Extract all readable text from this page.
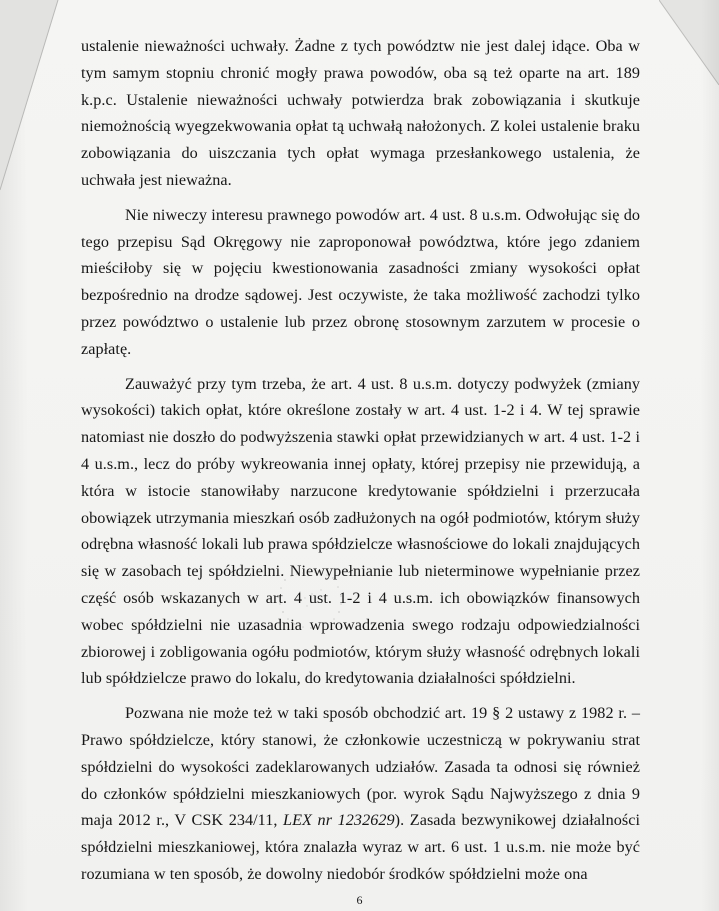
ustalenie nieważności uchwały. Żadne z tych powództw nie jest dalej idące. Oba w tym samym stopniu chronić mogły prawa powodów, oba są też oparte na art. 189 k.p.c. Ustalenie nieważności uchwały potwierdza brak zobowiązania i skutkuje niemożnością wyegzekwowania opłat tą uchwałą nałożonych. Z kolei ustalenie braku zobowiązania do uiszczania tych opłat wymaga przesłankowego ustalenia, że uchwała jest nieważna.

Nie niweczy interesu prawnego powodów art. 4 ust. 8 u.s.m. Odwołując się do tego przepisu Sąd Okręgowy nie zaproponował powództwa, które jego zdaniem mieściłoby się w pojęciu kwestionowania zasadności zmiany wysokości opłat bezpośrednio na drodze sądowej. Jest oczywiste, że taka możliwość zachodzi tylko przez powództwo o ustalenie lub przez obronę stosownym zarzutem w procesie o zapłatę.

Zauważyć przy tym trzeba, że art. 4 ust. 8 u.s.m. dotyczy podwyżek (zmiany wysokości) takich opłat, które określone zostały w art. 4 ust. 1-2 i 4. W tej sprawie natomiast nie doszło do podwyższenia stawki opłat przewidzianych w art. 4 ust. 1-2 i 4 u.s.m., lecz do próby wykreowania innej opłaty, której przepisy nie przewidują, a która w istocie stanowiłaby narzucone kredytowanie spółdzielni i przerzucała obowiązek utrzymania mieszkań osób zadłużonych na ogół podmiotów, którym służy odrębna własność lokali lub prawa spółdzielcze własnościowe do lokali znajdujących się w zasobach tej spółdzielni. Niewypełnianie lub nieterminowe wypełnianie przez część osób wskazanych w art. 4 ust. 1-2 i 4 u.s.m. ich obowiązków finansowych wobec spółdzielni nie uzasadnia wprowadzenia swego rodzaju odpowiedzialności zbiorowej i zobligowania ogółu podmiotów, którym służy własność odrębnych lokali lub spółdzielcze prawo do lokalu, do kredytowania działalności spółdzielni.

Pozwana nie może też w taki sposób obchodzić art. 19 § 2 ustawy z 1982 r. – Prawo spółdzielcze, który stanowi, że członkowie uczestniczą w pokrywaniu strat spółdzielni do wysokości zadeklarowanych udziałów. Zasada ta odnosi się również do członków spółdzielni mieszkaniowych (por. wyrok Sądu Najwyższego z dnia 9 maja 2012 r., V CSK 234/11, LEX nr 1232629). Zasada bezwynikowej działalności spółdzielni mieszkaniowej, która znalazła wyraz w art. 6 ust. 1 u.s.m. nie może być rozumiana w ten sposób, że dowolny niedobór środków spółdzielni może ona

6
